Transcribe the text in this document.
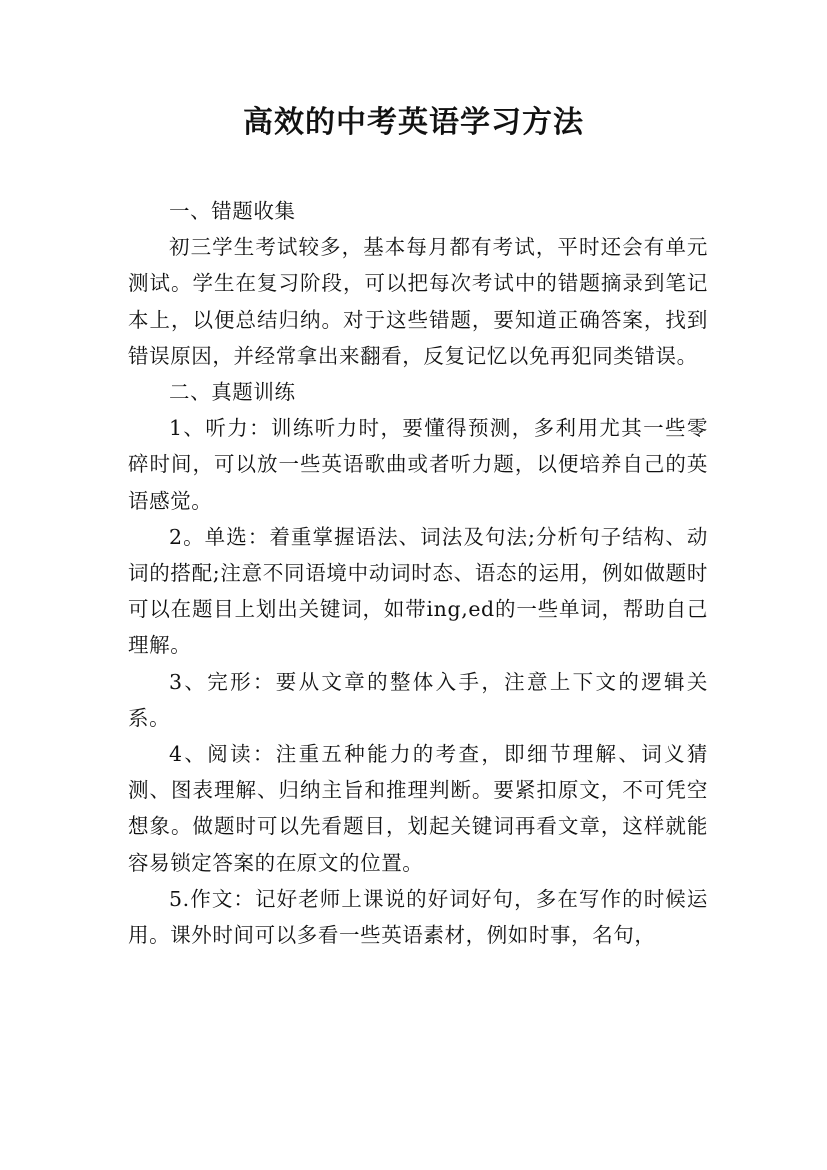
高效的中考英语学习方法

一、错题收集

初三学生考试较多，基本每月都有考试，平时还会有单元测试。学生在复习阶段，可以把每次考试中的错题摘录到笔记本上，以便总结归纳。对于这些错题，要知道正确答案，找到错误原因，并经常拿出来翻看，反复记忆以免再犯同类错误。

二、真题训练

1、听力：训练听力时，要懂得预测，多利用尤其一些零碎时间，可以放一些英语歌曲或者听力题，以便培养自己的英语感觉。

2。单选：着重掌握语法、词法及句法;分析句子结构、动词的搭配;注意不同语境中动词时态、语态的运用，例如做题时可以在题目上划出关键词，如带ing,ed的一些单词，帮助自己理解。

3、完形：要从文章的整体入手，注意上下文的逻辑关系。

4、阅读：注重五种能力的考查，即细节理解、词义猜测、图表理解、归纳主旨和推理判断。要紧扣原文，不可凭空想象。做题时可以先看题目，划起关键词再看文章，这样就能容易锁定答案的在原文的位置。

5.作文：记好老师上课说的好词好句，多在写作的时候运用。课外时间可以多看一些英语素材，例如时事，名句，
